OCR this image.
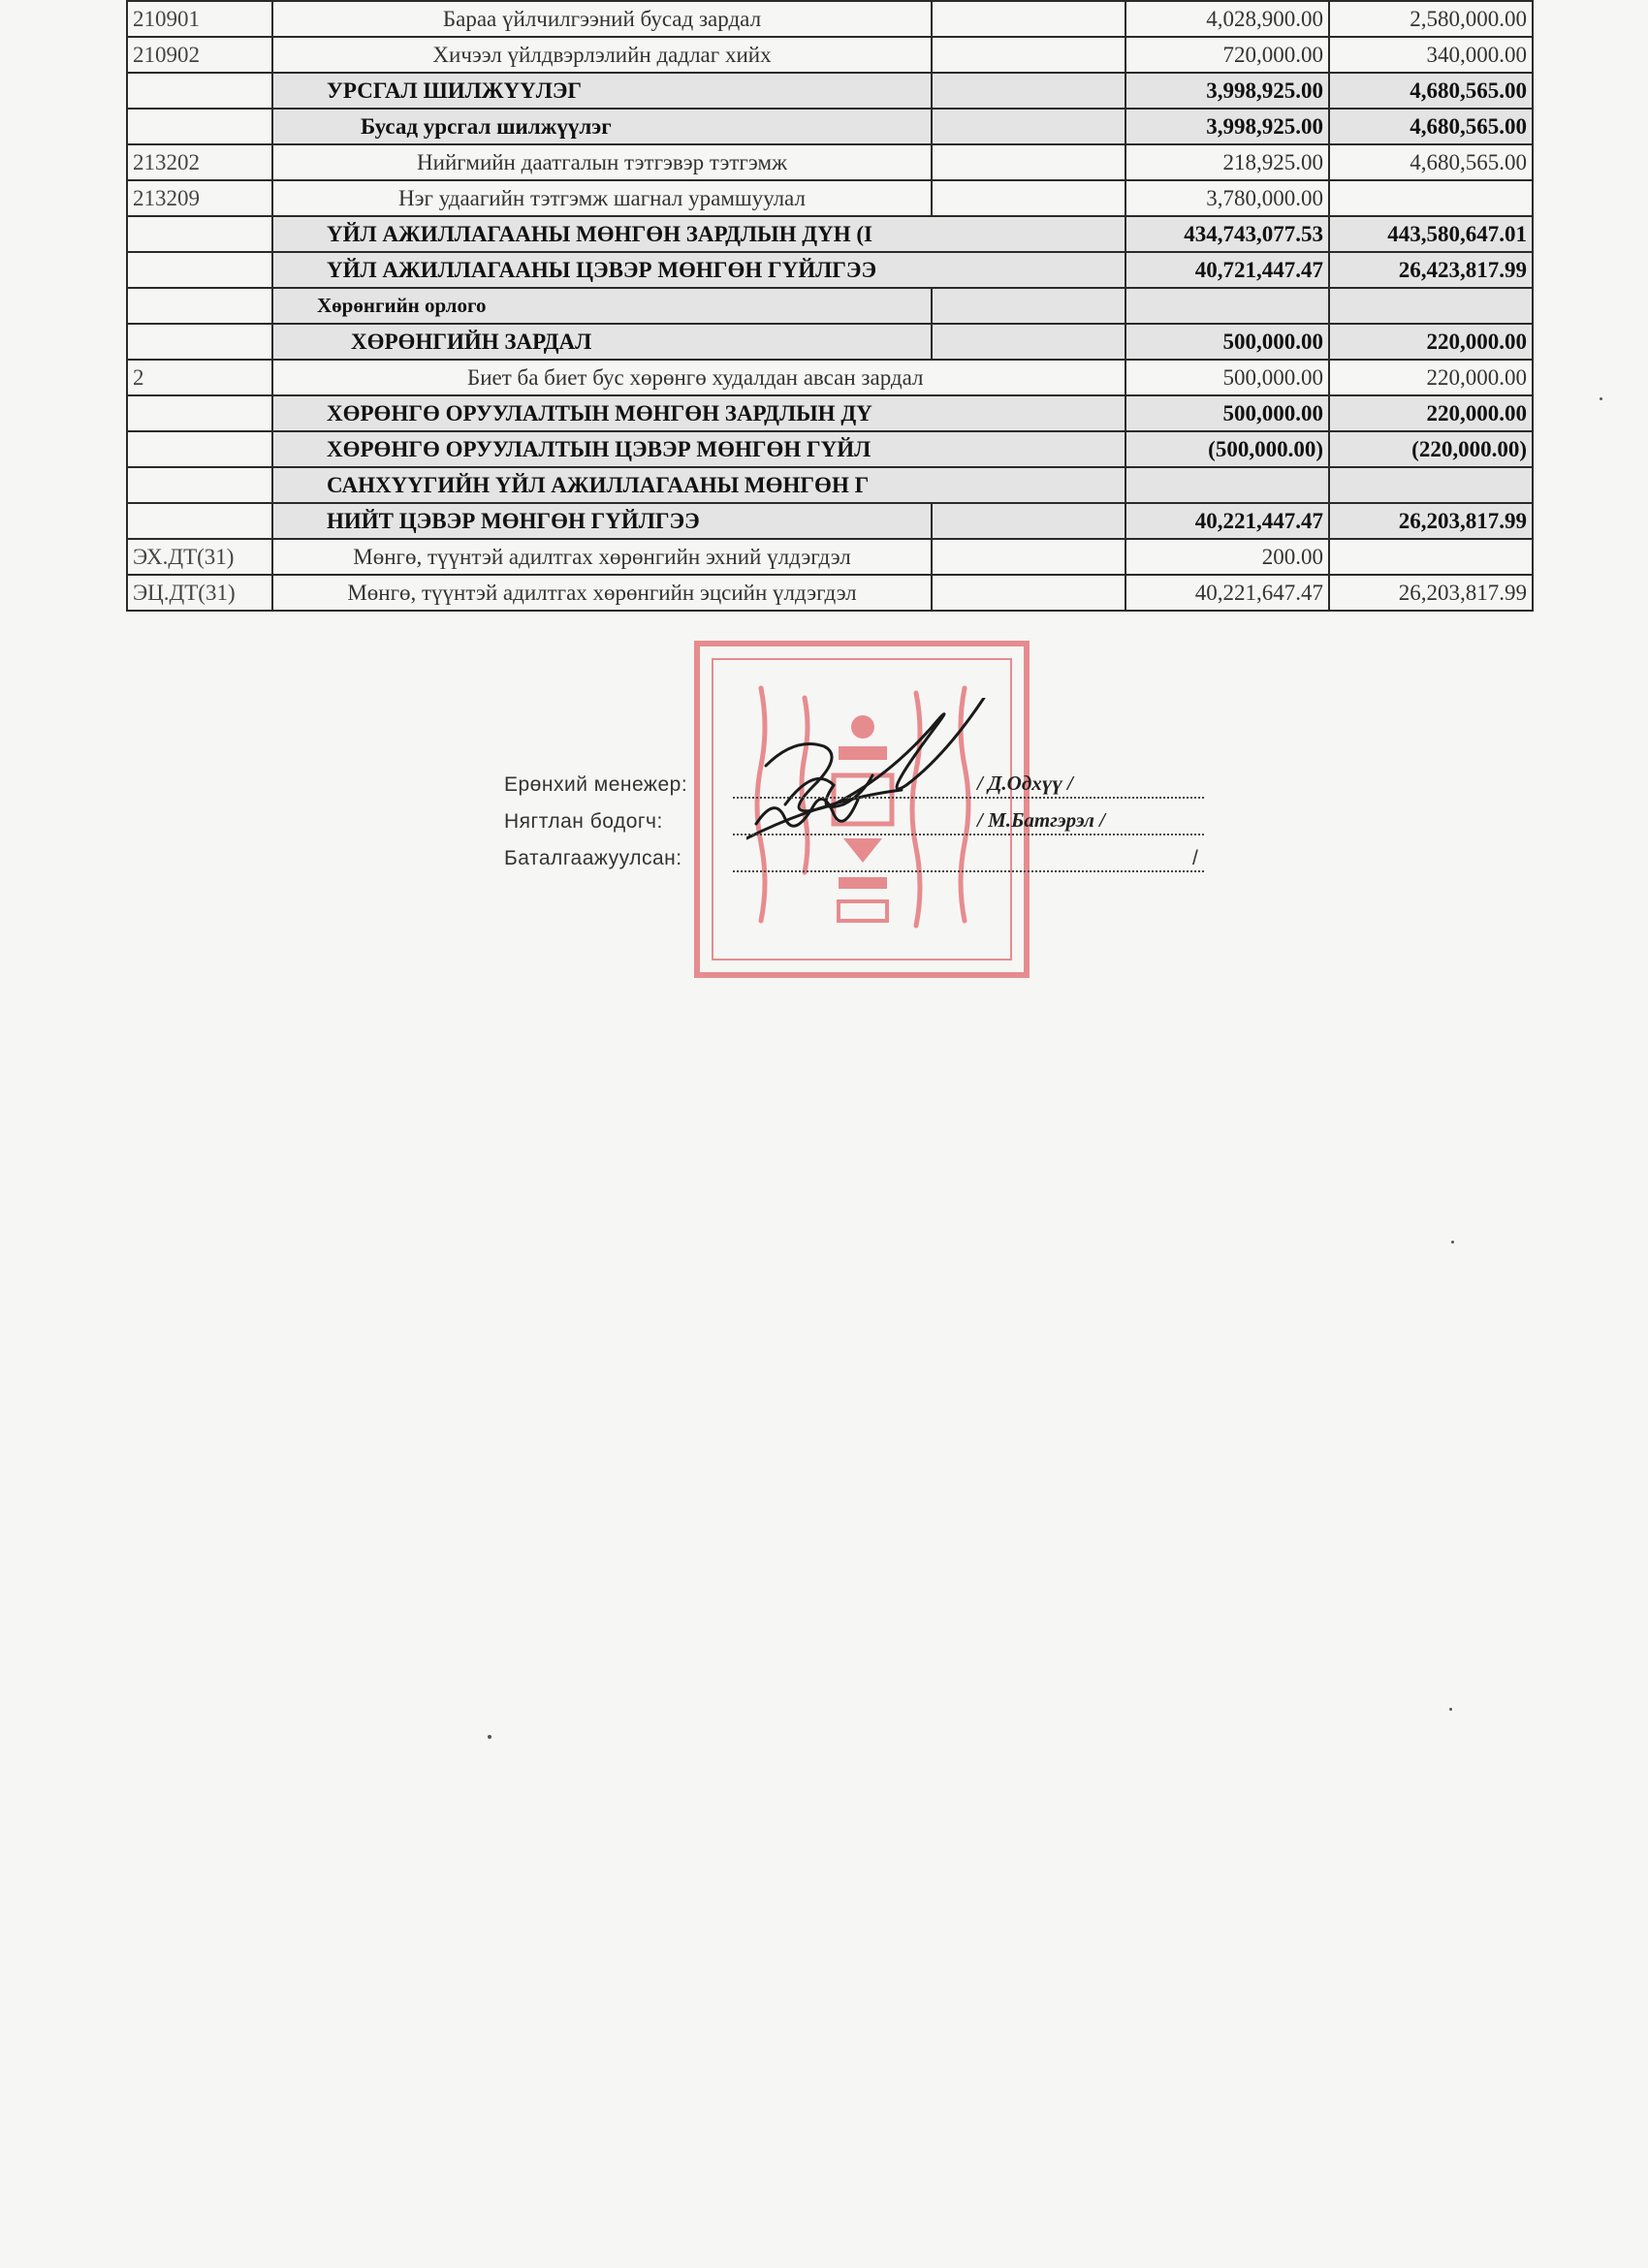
210901	Бараа үйлчилгээний бусад зардал		4,028,900.00	2,580,000.00
210902	Хичээл үйлдвэрлэлийн дадлаг хийх		720,000.00	340,000.00
	УРСГАЛ ШИЛЖҮҮЛЭГ		3,998,925.00	4,680,565.00
	Бусад урсгал шилжүүлэг		3,998,925.00	4,680,565.00
213202	Нийгмийн даатгалын тэтгэвэр тэтгэмж		218,925.00	4,680,565.00
213209	Нэг удаагийн тэтгэмж шагнал урамшуулал		3,780,000.00	
	ҮЙЛ АЖИЛЛАГААНЫ МӨНГӨН ЗАРДЛЫН ДҮН (I		434,743,077.53	443,580,647.01
	ҮЙЛ АЖИЛЛАГААНЫ ЦЭВЭР МӨНГӨН ГҮЙЛГЭЭ		40,721,447.47	26,423,817.99
	Хөрөнгийн орлого			
	ХӨРӨНГИЙН ЗАРДАЛ		500,000.00	220,000.00
2	Биет ба биет бус хөрөнгө худалдан авсан зардал		500,000.00	220,000.00
	ХӨРӨНГӨ ОРУУЛАЛТЫН МӨНГӨН ЗАРДЛЫН ДҮ		500,000.00	220,000.00
	ХӨРӨНГӨ ОРУУЛАЛТЫН ЦЭВЭР МӨНГӨН ГҮЙЛ		(500,000.00)	(220,000.00)
	САНХҮҮГИЙН ҮЙЛ АЖИЛЛАГААНЫ МӨНГӨН Г			
	НИЙТ ЦЭВЭР МӨНГӨН ГҮЙЛГЭЭ		40,221,447.47	26,203,817.99
ЭХ.ДТ(31)	Мөнгө, түүнтэй адилтгах хөрөнгийн эхний үлдэгдэл		200.00	
ЭЦ.ДТ(31)	Мөнгө, түүнтэй адилтгах хөрөнгийн эцсийн үлдэгдэл		40,221,647.47	26,203,817.99
Ерөнхий менежер:	/ Д.Одхүү /
Нягтлан бодогч:	/ М.Батгэрэл /
Баталгаажуулсан:	/
